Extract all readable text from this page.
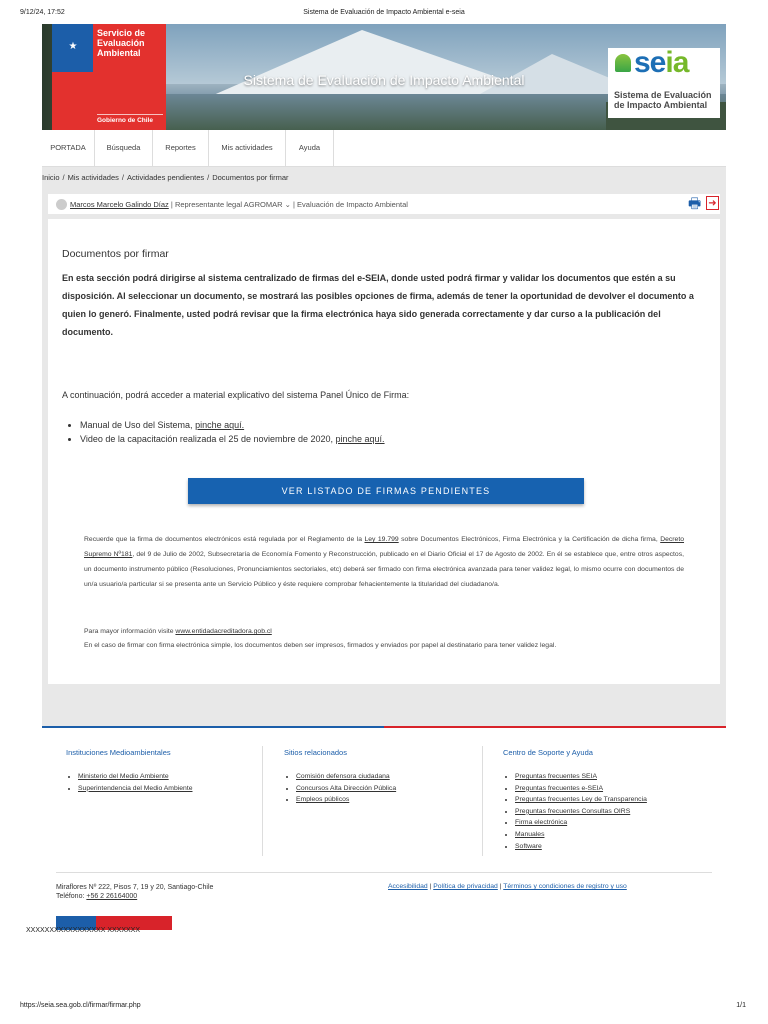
9/12/24, 17:52	Sistema de Evaluación de Impacto Ambiental e-seia
★
Servicio de Evaluación Ambiental
Gobierno de Chile
Sistema de Evaluación de Impacto Ambiental
seia
Sistema de Evaluación de Impacto Ambiental
PORTADA	Búsqueda	Reportes	Mis actividades	Ayuda
Inicio / Mis actividades / Actividades pendientes / Documentos por firmar
Marcos Marcelo Galindo Díaz | Representante legal AGROMAR ⌄ | Evaluación de Impacto Ambiental	🖶 ➜
Documentos por firmar
En esta sección podrá dirigirse al sistema centralizado de firmas del e-SEIA, donde usted podrá firmar y validar los documentos que estén a su disposición. Al seleccionar un documento, se mostrará las posibles opciones de firma, además de tener la oportunidad de devolver el documento a quien lo generó. Finalmente, usted podrá revisar que la firma electrónica haya sido generada correctamente y dar curso a la publicación del documento.
A continuación, podrá acceder a material explicativo del sistema Panel Único de Firma:
• Manual de Uso del Sistema, pinche aquí.
• Video de la capacitación realizada el 25 de noviembre de 2020, pinche aquí.
VER LISTADO DE FIRMAS PENDIENTES
Recuerde que la firma de documentos electrónicos está regulada por el Reglamento de la Ley 19.799 sobre Documentos Electrónicos, Firma Electrónica y la Certificación de dicha firma, Decreto Supremo Nº181, del 9 de Julio de 2002, Subsecretaría de Economía Fomento y Reconstrucción, publicado en el Diario Oficial el 17 de Agosto de 2002. En él se establece que, entre otros aspectos, un documento instrumento público (Resoluciones, Pronunciamientos sectoriales, etc) deberá ser firmado con firma electrónica avanzada para tener validez legal, lo mismo ocurre con documentos de un/a usuario/a particular si se presenta ante un Servicio Público y éste requiere comprobar fehacientemente la titularidad del ciudadano/a.
Para mayor información visite www.entidadacreditadora.gob.cl
En el caso de firmar con firma electrónica simple, los documentos deben ser impresos, firmados y enviados por papel al destinatario para tener validez legal.
Instituciones Medioambientales
• Ministerio del Medio Ambiente
• Superintendencia del Medio Ambiente
Sitios relacionados
• Comisión defensora ciudadana
• Concursos Alta Dirección Pública
• Empleos públicos
Centro de Soporte y Ayuda
• Preguntas frecuentes SEIA
• Preguntas frecuentes e-SEIA
• Preguntas frecuentes Ley de Transparencia
• Preguntas frecuentes Consultas OIRS
• Firma electrónica
• Manuales
• Software
Miraflores Nº 222, Pisos 7, 19 y 20, Santiago-Chile
Teléfono: +56 2 26164000
Accesibilidad | Política de privacidad | Términos y condiciones de registro y uso
XXXXXXXXXXXXXXXXX XXXXXXX
https://seia.sea.gob.cl/firmar/firmar.php	1/1
